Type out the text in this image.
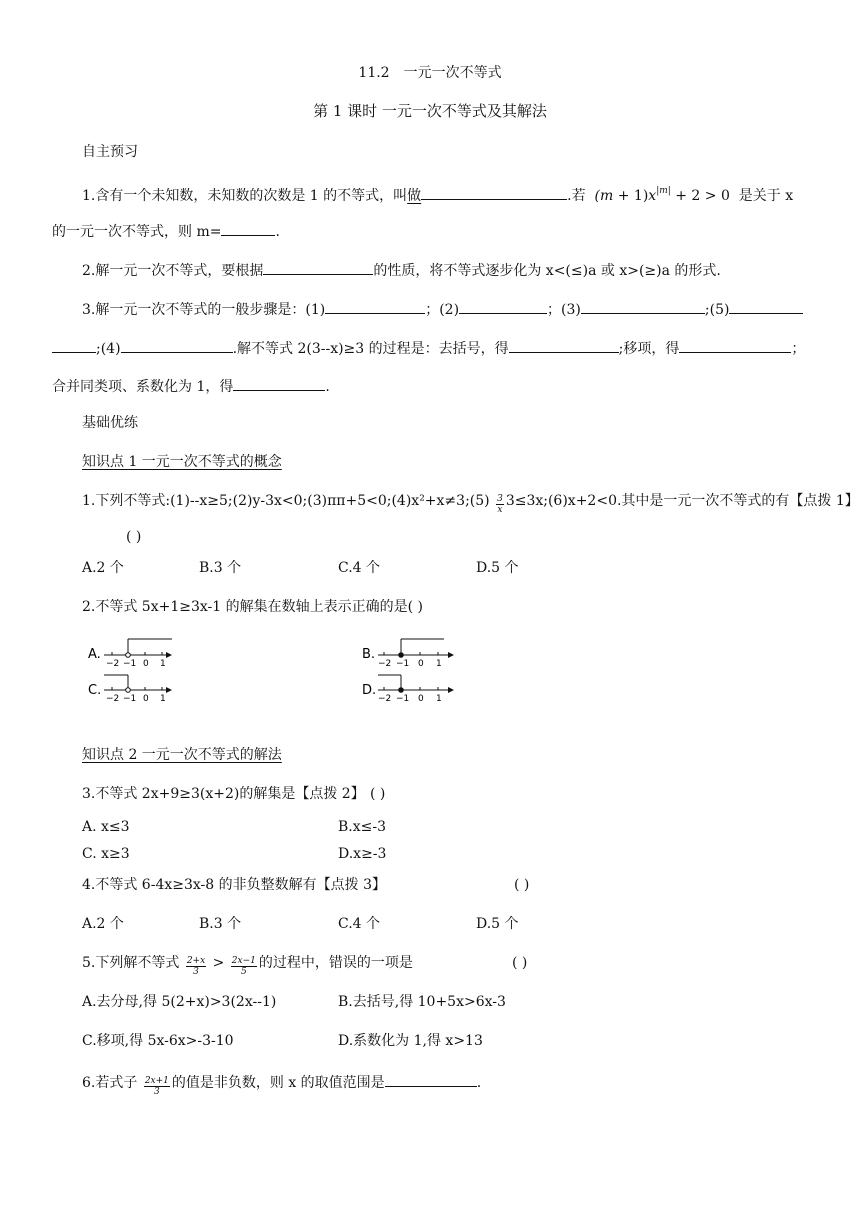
11.2　一元一次不等式
第 1 课时 一元一次不等式及其解法
自主预习
1.含有一个未知数，未知数的次数是 1 的不等式，叫做	.若 $(m + 1)x^{|m|} + 2 > 0$ 是关于 x
的一元一次不等式，则 m=	.
2.解一元一次不等式，要根据	的性质，将不等式逐步化为 x<(≤)a 或 x>(≥)a 的形式.
3.解一元一次不等式的一般步骤是：(1)	；(2)	；(3)	;(5)
;(4)	.解不等式 2(3--x)≥3 的过程是：去括号，得	;移项，得	；
合并同类项、系数化为 1，得	.
基础优练
知识点 1 一元一次不等式的概念
1.下列不等式:(1)--x≥5;(2)y-3x<0;(3)ππ+5<0;(4)x²+x≠3;(5) $\frac{3}{x}$ 3≤3x;(6)x+2<0.其中是一元一次不等式的有【点拨 1】
( )
A.2 个	B.3 个	C.4 个	D.5 个
2.不等式 5x+1≥3x-1 的解集在数轴上表示正确的是( )
A.
−2 −1 0 1
B.
−2 −1 0 1
C.
−2 −1 0 1
D.
−2 −1 0 1
知识点 2 一元一次不等式的解法
3.不等式 2x+9≥3(x+2)的解集是【点拨 2】 ( )
A. x≤3	B.x≤-3
C. x≥3	D.x≥-3
4.不等式 6-4x≥3x-8 的非负整数解有【点拨 3】	( )
A.2 个	B.3 个	C.4 个	D.5 个
5.下列解不等式 $\frac{2+x}{3} > \frac{2x-1}{5}$ 的过程中，错误的一项是	( )
A.去分母,得 5(2+x)>3(2x--1)	B.去括号,得 10+5x>6x-3
C.移项,得 5x-6x>-3-10	D.系数化为 1,得 x>13
6.若式子 $\frac{2x+1}{3}$ 的值是非负数，则 x 的取值范围是	.
